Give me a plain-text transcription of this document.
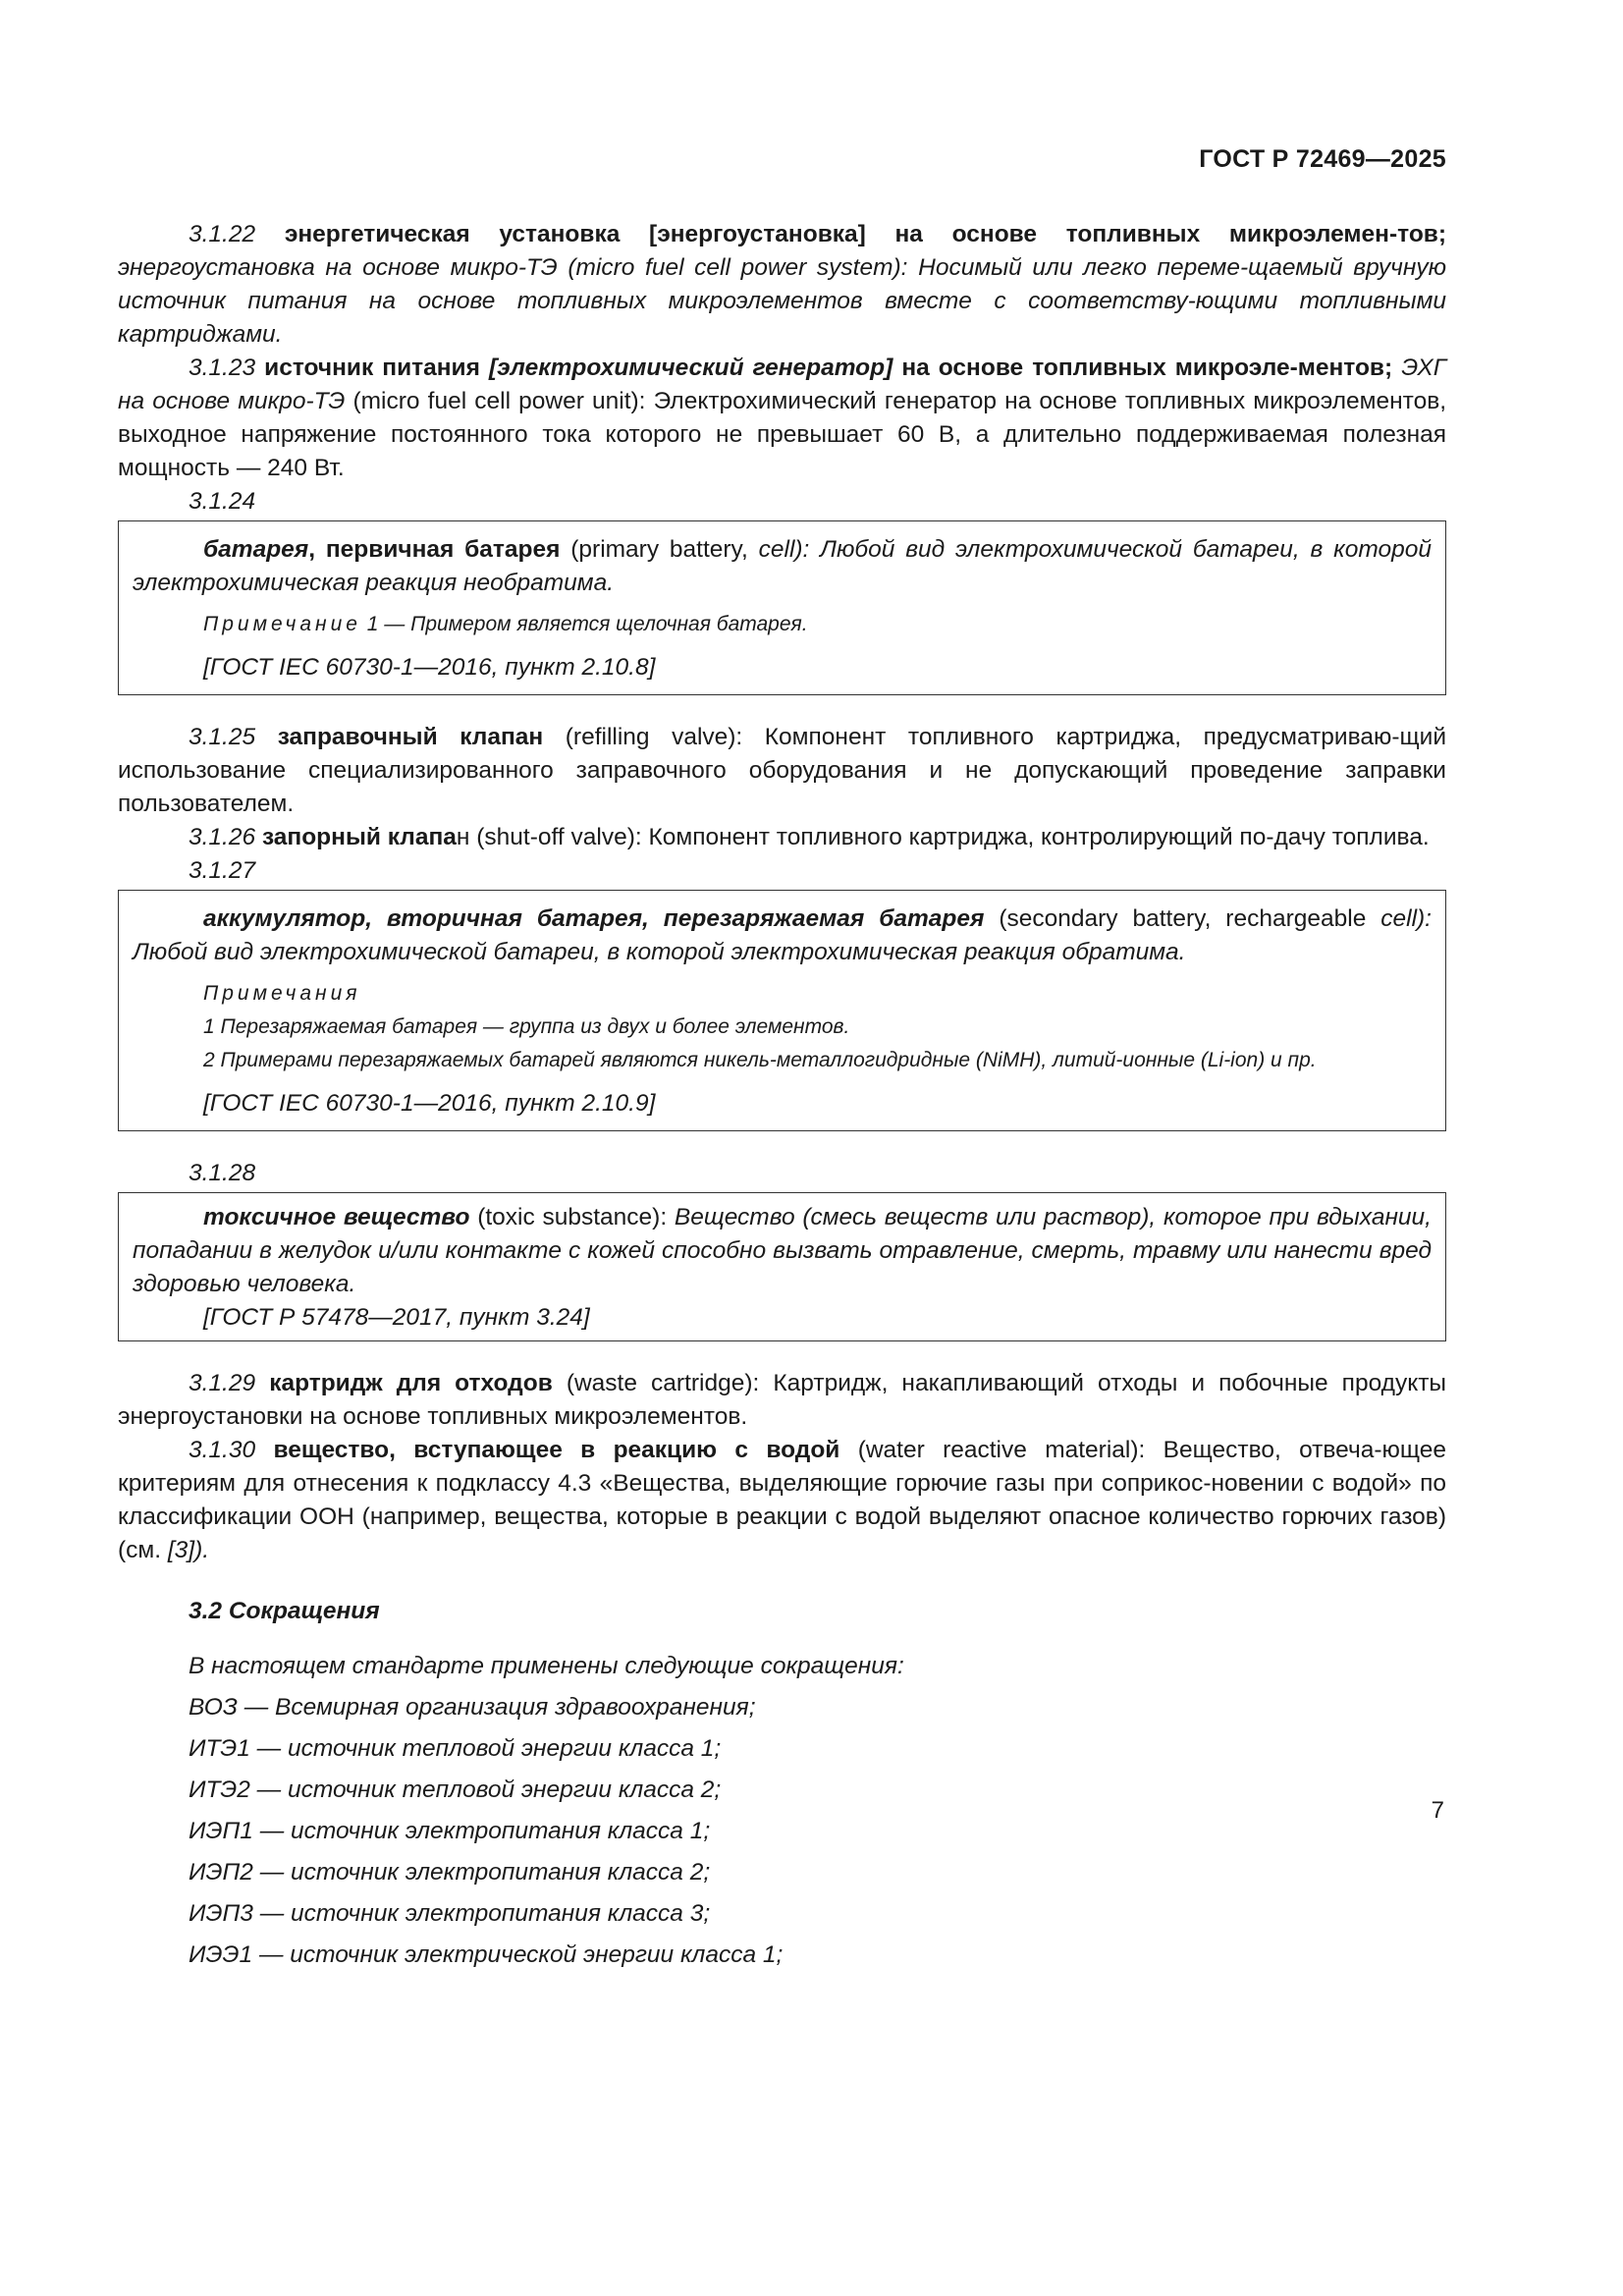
ГОСТ Р 72469—2025

3.1.22 энергетическая установка [энергоустановка] на основе топливных микроэлемен-тов; энергоустановка на основе микро-ТЭ (micro fuel cell power system): Носимый или легко переме-щаемый вручную источник питания на основе топливных микроэлементов вместе с соответству-ющими топливными картриджами.

3.1.23 источник питания [электрохимический генератор] на основе топливных микроэле-ментов; ЭХГ на основе микро-ТЭ (micro fuel cell power unit): Электрохимический генератор на основе топливных микроэлементов, выходное напряжение постоянного тока которого не превышает 60 В, а длительно поддерживаемая полезная мощность — 240 Вт.

3.1.24

батарея, первичная батарея (primary battery, cell): Любой вид электрохимической батареи, в которой электрохимическая реакция необратима.

Примечание 1 — Примером является щелочная батарея.

[ГОСТ IEC 60730-1—2016, пункт 2.10.8]

3.1.25 заправочный клапан (refilling valve): Компонент топливного картриджа, предусматриваю-щий использование специализированного заправочного оборудования и не допускающий проведение заправки пользователем.

3.1.26 запорный клапан (shut-off valve): Компонент топливного картриджа, контролирующий по-дачу топлива.

3.1.27

аккумулятор, вторичная батарея, перезаряжаемая батарея (secondary battery, rechargeable cell): Любой вид электрохимической батареи, в которой электрохимическая реакция обратима.

Примечания

1 Перезаряжаемая батарея — группа из двух и более элементов.

2 Примерами перезаряжаемых батарей являются никель-металлогидридные (NiMH), литий-ионные (Li-ion) и пр.

[ГОСТ IEC 60730-1—2016, пункт 2.10.9]

3.1.28

токсичное вещество (toxic substance): Вещество (смесь веществ или раствор), которое при вдыхании, попадании в желудок и/или контакте с кожей способно вызвать отравление, смерть, травму или нанести вред здоровью человека.

[ГОСТ Р 57478—2017, пункт 3.24]

3.1.29 картридж для отходов (waste cartridge): Картридж, накапливающий отходы и побочные продукты энергоустановки на основе топливных микроэлементов.

3.1.30 вещество, вступающее в реакцию с водой (water reactive material): Вещество, отвеча-ющее критериям для отнесения к подклассу 4.3 «Вещества, выделяющие горючие газы при соприкос-новении с водой» по классификации ООН (например, вещества, которые в реакции с водой выделяют опасное количество горючих газов) (см. [3]).

3.2 Сокращения

В настоящем стандарте применены следующие сокращения:

ВОЗ — Всемирная организация здравоохранения;

ИТЭ1 — источник тепловой энергии класса 1;

ИТЭ2 — источник тепловой энергии класса 2;

ИЭП1 — источник электропитания класса 1;

ИЭП2 — источник электропитания класса 2;

ИЭП3 — источник электропитания класса 3;

ИЭЭ1 — источник электрической энергии класса 1;

7
